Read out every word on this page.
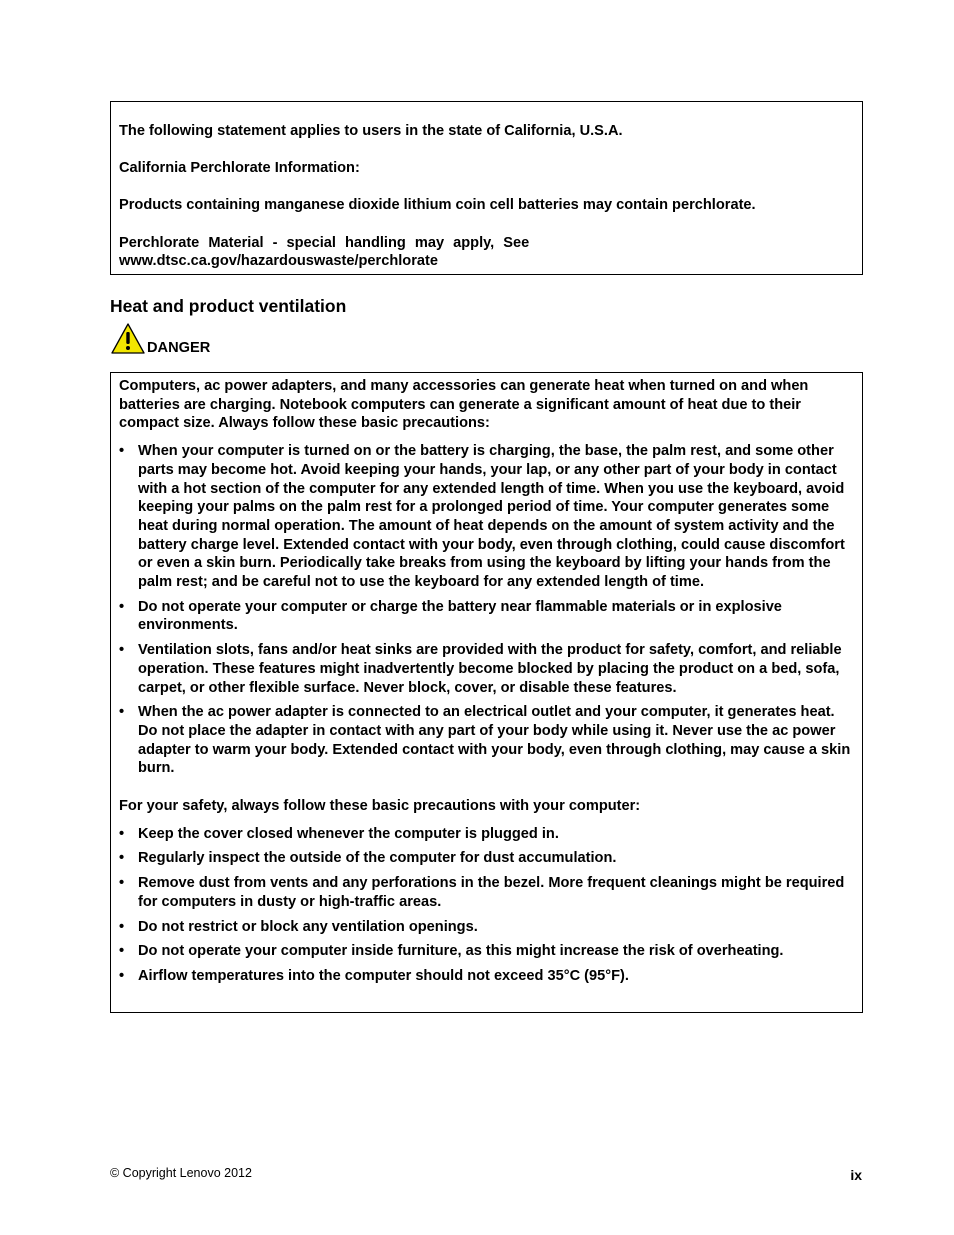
The following statement applies to users in the state of California, U.S.A.

California Perchlorate Information:

Products containing manganese dioxide lithium coin cell batteries may contain perchlorate.

Perchlorate Material - special handling may apply, See

www.dtsc.ca.gov/hazardouswaste/perchlorate

Heat and product ventilation
DANGER

Computers, ac power adapters, and many accessories can generate heat when turned on and when batteries are charging. Notebook computers can generate a significant amount of heat due to their compact size. Always follow these basic precautions:

• When your computer is turned on or the battery is charging, the base, the palm rest, and some other parts may become hot. Avoid keeping your hands, your lap, or any other part of your body in contact with a hot section of the computer for any extended length of time. When you use the keyboard, avoid keeping your palms on the palm rest for a prolonged period of time. Your computer generates some heat during normal operation. The amount of heat depends on the amount of system activity and the battery charge level. Extended contact with your body, even through clothing, could cause discomfort or even a skin burn. Periodically take breaks from using the keyboard by lifting your hands from the palm rest; and be careful not to use the keyboard for any extended length of time.
• Do not operate your computer or charge the battery near flammable materials or in explosive environments.
• Ventilation slots, fans and/or heat sinks are provided with the product for safety, comfort, and reliable operation. These features might inadvertently become blocked by placing the product on a bed, sofa, carpet, or other flexible surface. Never block, cover, or disable these features.
• When the ac power adapter is connected to an electrical outlet and your computer, it generates heat. Do not place the adapter in contact with any part of your body while using it. Never use the ac power adapter to warm your body. Extended contact with your body, even through clothing, may cause a skin burn.

For your safety, always follow these basic precautions with your computer:

• Keep the cover closed whenever the computer is plugged in.
• Regularly inspect the outside of the computer for dust accumulation.
• Remove dust from vents and any perforations in the bezel. More frequent cleanings might be required for computers in dusty or high-traffic areas.
• Do not restrict or block any ventilation openings.
• Do not operate your computer inside furniture, as this might increase the risk of overheating.
• Airflow temperatures into the computer should not exceed 35°C (95°F).
© Copyright Lenovo 2012	ix
